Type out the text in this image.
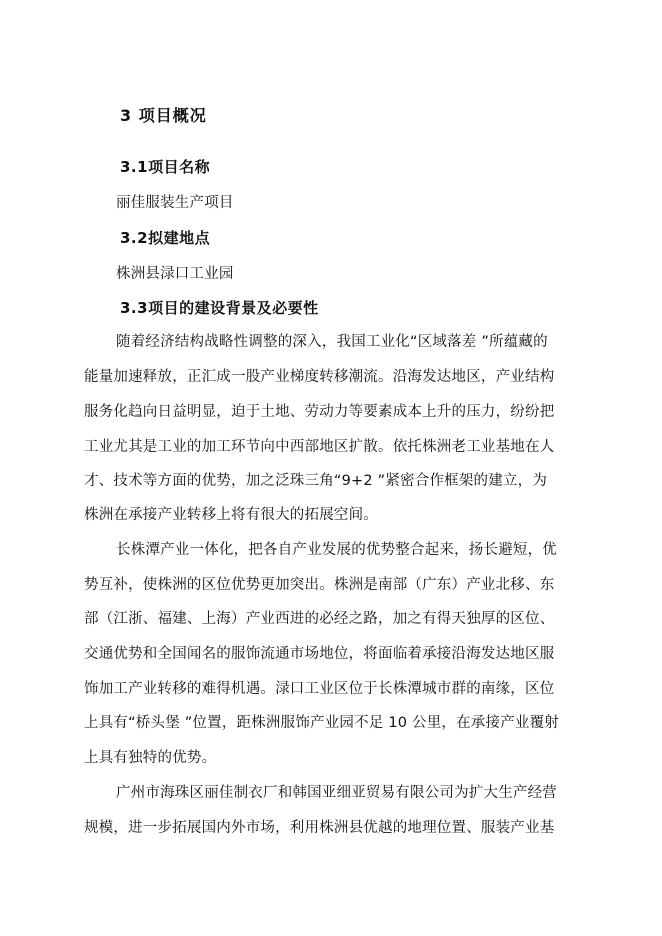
3 项目概况
3.1项目名称
丽佳服装生产项目
3.2拟建地点
株洲县渌口工业园
3.3项目的建设背景及必要性
随着经济结构战略性调整的深入，我国工业化“区域落差 ”所蕴藏的
能量加速释放，正汇成一股产业梯度转移潮流。沿海发达地区，产业结构
服务化趋向日益明显，迫于土地、劳动力等要素成本上升的压力，纷纷把
工业尤其是工业的加工环节向中西部地区扩散。依托株洲老工业基地在人
才、技术等方面的优势，加之泛珠三角“9+2 ”紧密合作框架的建立，为
株洲在承接产业转移上将有很大的拓展空间。
长株潭产业一体化，把各自产业发展的优势整合起来，扬长避短，优
势互补，使株洲的区位优势更加突出。株洲是南部（广东）产业北移、东
部（江浙、福建、上海）产业西进的必经之路，加之有得天独厚的区位、
交通优势和全国闻名的服饰流通市场地位，将面临着承接沿海发达地区服
饰加工产业转移的难得机遇。渌口工业区位于长株潭城市群的南缘，区位
上具有“桥头堡 ”位置，距株洲服饰产业园不足 10 公里，在承接产业覆射
上具有独特的优势。
广州市海珠区丽佳制衣厂和韩国亚细亚贸易有限公司为扩大生产经营
规模，进一步拓展国内外市场，利用株洲县优越的地理位置、服装产业基
